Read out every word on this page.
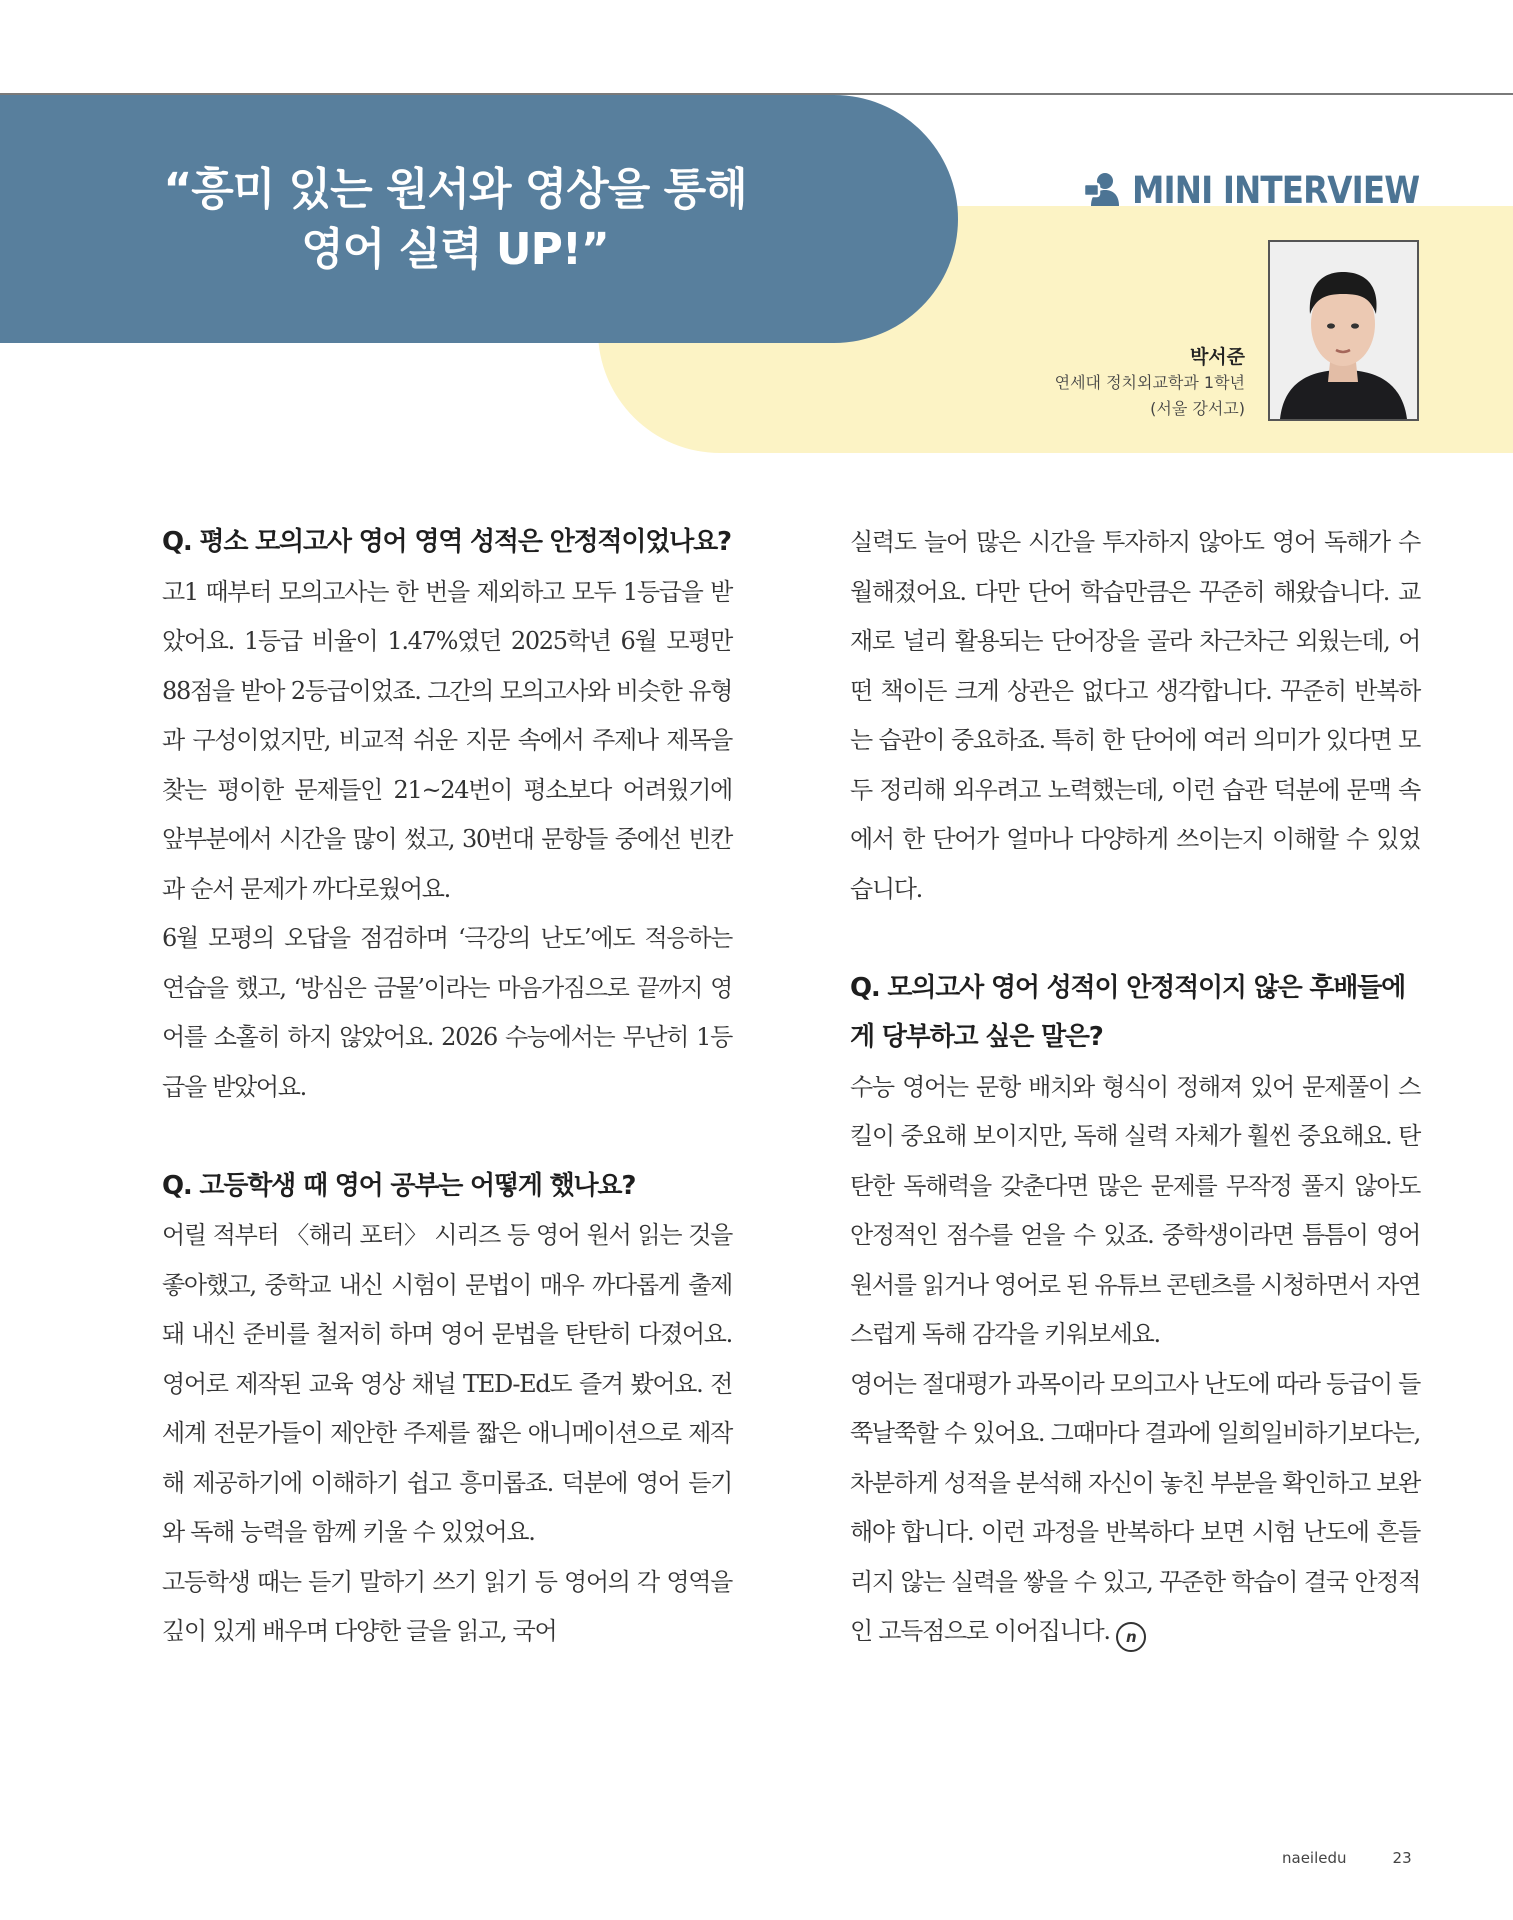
“흥미 있는 원서와 영상을 통해
영어 실력 UP!”
MINI INTERVIEW
박서준
연세대 정치외교학과 1학년
(서울 강서고)

Q. 평소 모의고사 영어 영역 성적은 안정적이었나요?

고1 때부터 모의고사는 한 번을 제외하고 모두 1등급을 받았어요. 1등급 비율이 1.47%였던 2025학년 6월 모평만 88점을 받아 2등급이었죠. 그간의 모의고사와 비슷한 유형과 구성이었지만, 비교적 쉬운 지문 속에서 주제나 제목을 찾는 평이한 문제들인 21~24번이 평소보다 어려웠기에 앞부분에서 시간을 많이 썼고, 30번대 문항들 중에선 빈칸과 순서 문제가 까다로웠어요.

6월 모평의 오답을 점검하며 ‘극강의 난도’에도 적응하는 연습을 했고, ‘방심은 금물’이라는 마음가짐으로 끝까지 영어를 소홀히 하지 않았어요. 2026 수능에서는 무난히 1등급을 받았어요.

Q. 고등학생 때 영어 공부는 어떻게 했나요?

어릴 적부터 〈해리 포터〉 시리즈 등 영어 원서 읽는 것을 좋아했고, 중학교 내신 시험이 문법이 매우 까다롭게 출제돼 내신 준비를 철저히 하며 영어 문법을 탄탄히 다졌어요. 영어로 제작된 교육 영상 채널 TED-Ed도 즐겨 봤어요. 전 세계 전문가들이 제안한 주제를 짧은 애니메이션으로 제작해 제공하기에 이해하기 쉽고 흥미롭죠. 덕분에 영어 듣기와 독해 능력을 함께 키울 수 있었어요.

고등학생 때는 듣기 말하기 쓰기 읽기 등 영어의 각 영역을 깊이 있게 배우며 다양한 글을 읽고, 국어

실력도 늘어 많은 시간을 투자하지 않아도 영어 독해가 수월해졌어요. 다만 단어 학습만큼은 꾸준히 해왔습니다. 교재로 널리 활용되는 단어장을 골라 차근차근 외웠는데, 어떤 책이든 크게 상관은 없다고 생각합니다. 꾸준히 반복하는 습관이 중요하죠. 특히 한 단어에 여러 의미가 있다면 모두 정리해 외우려고 노력했는데, 이런 습관 덕분에 문맥 속에서 한 단어가 얼마나 다양하게 쓰이는지 이해할 수 있었습니다.

Q. 모의고사 영어 성적이 안정적이지 않은 후배들에게 당부하고 싶은 말은?

수능 영어는 문항 배치와 형식이 정해져 있어 문제풀이 스킬이 중요해 보이지만, 독해 실력 자체가 훨씬 중요해요. 탄탄한 독해력을 갖춘다면 많은 문제를 무작정 풀지 않아도 안정적인 점수를 얻을 수 있죠. 중학생이라면 틈틈이 영어 원서를 읽거나 영어로 된 유튜브 콘텐츠를 시청하면서 자연스럽게 독해 감각을 키워보세요.

영어는 절대평가 과목이라 모의고사 난도에 따라 등급이 들쭉날쭉할 수 있어요. 그때마다 결과에 일희일비하기보다는, 차분하게 성적을 분석해 자신이 놓친 부분을 확인하고 보완해야 합니다. 이런 과정을 반복하다 보면 시험 난도에 흔들리지 않는 실력을 쌓을 수 있고, 꾸준한 학습이 결국 안정적인 고득점으로 이어집니다. n

naeiledu	23
